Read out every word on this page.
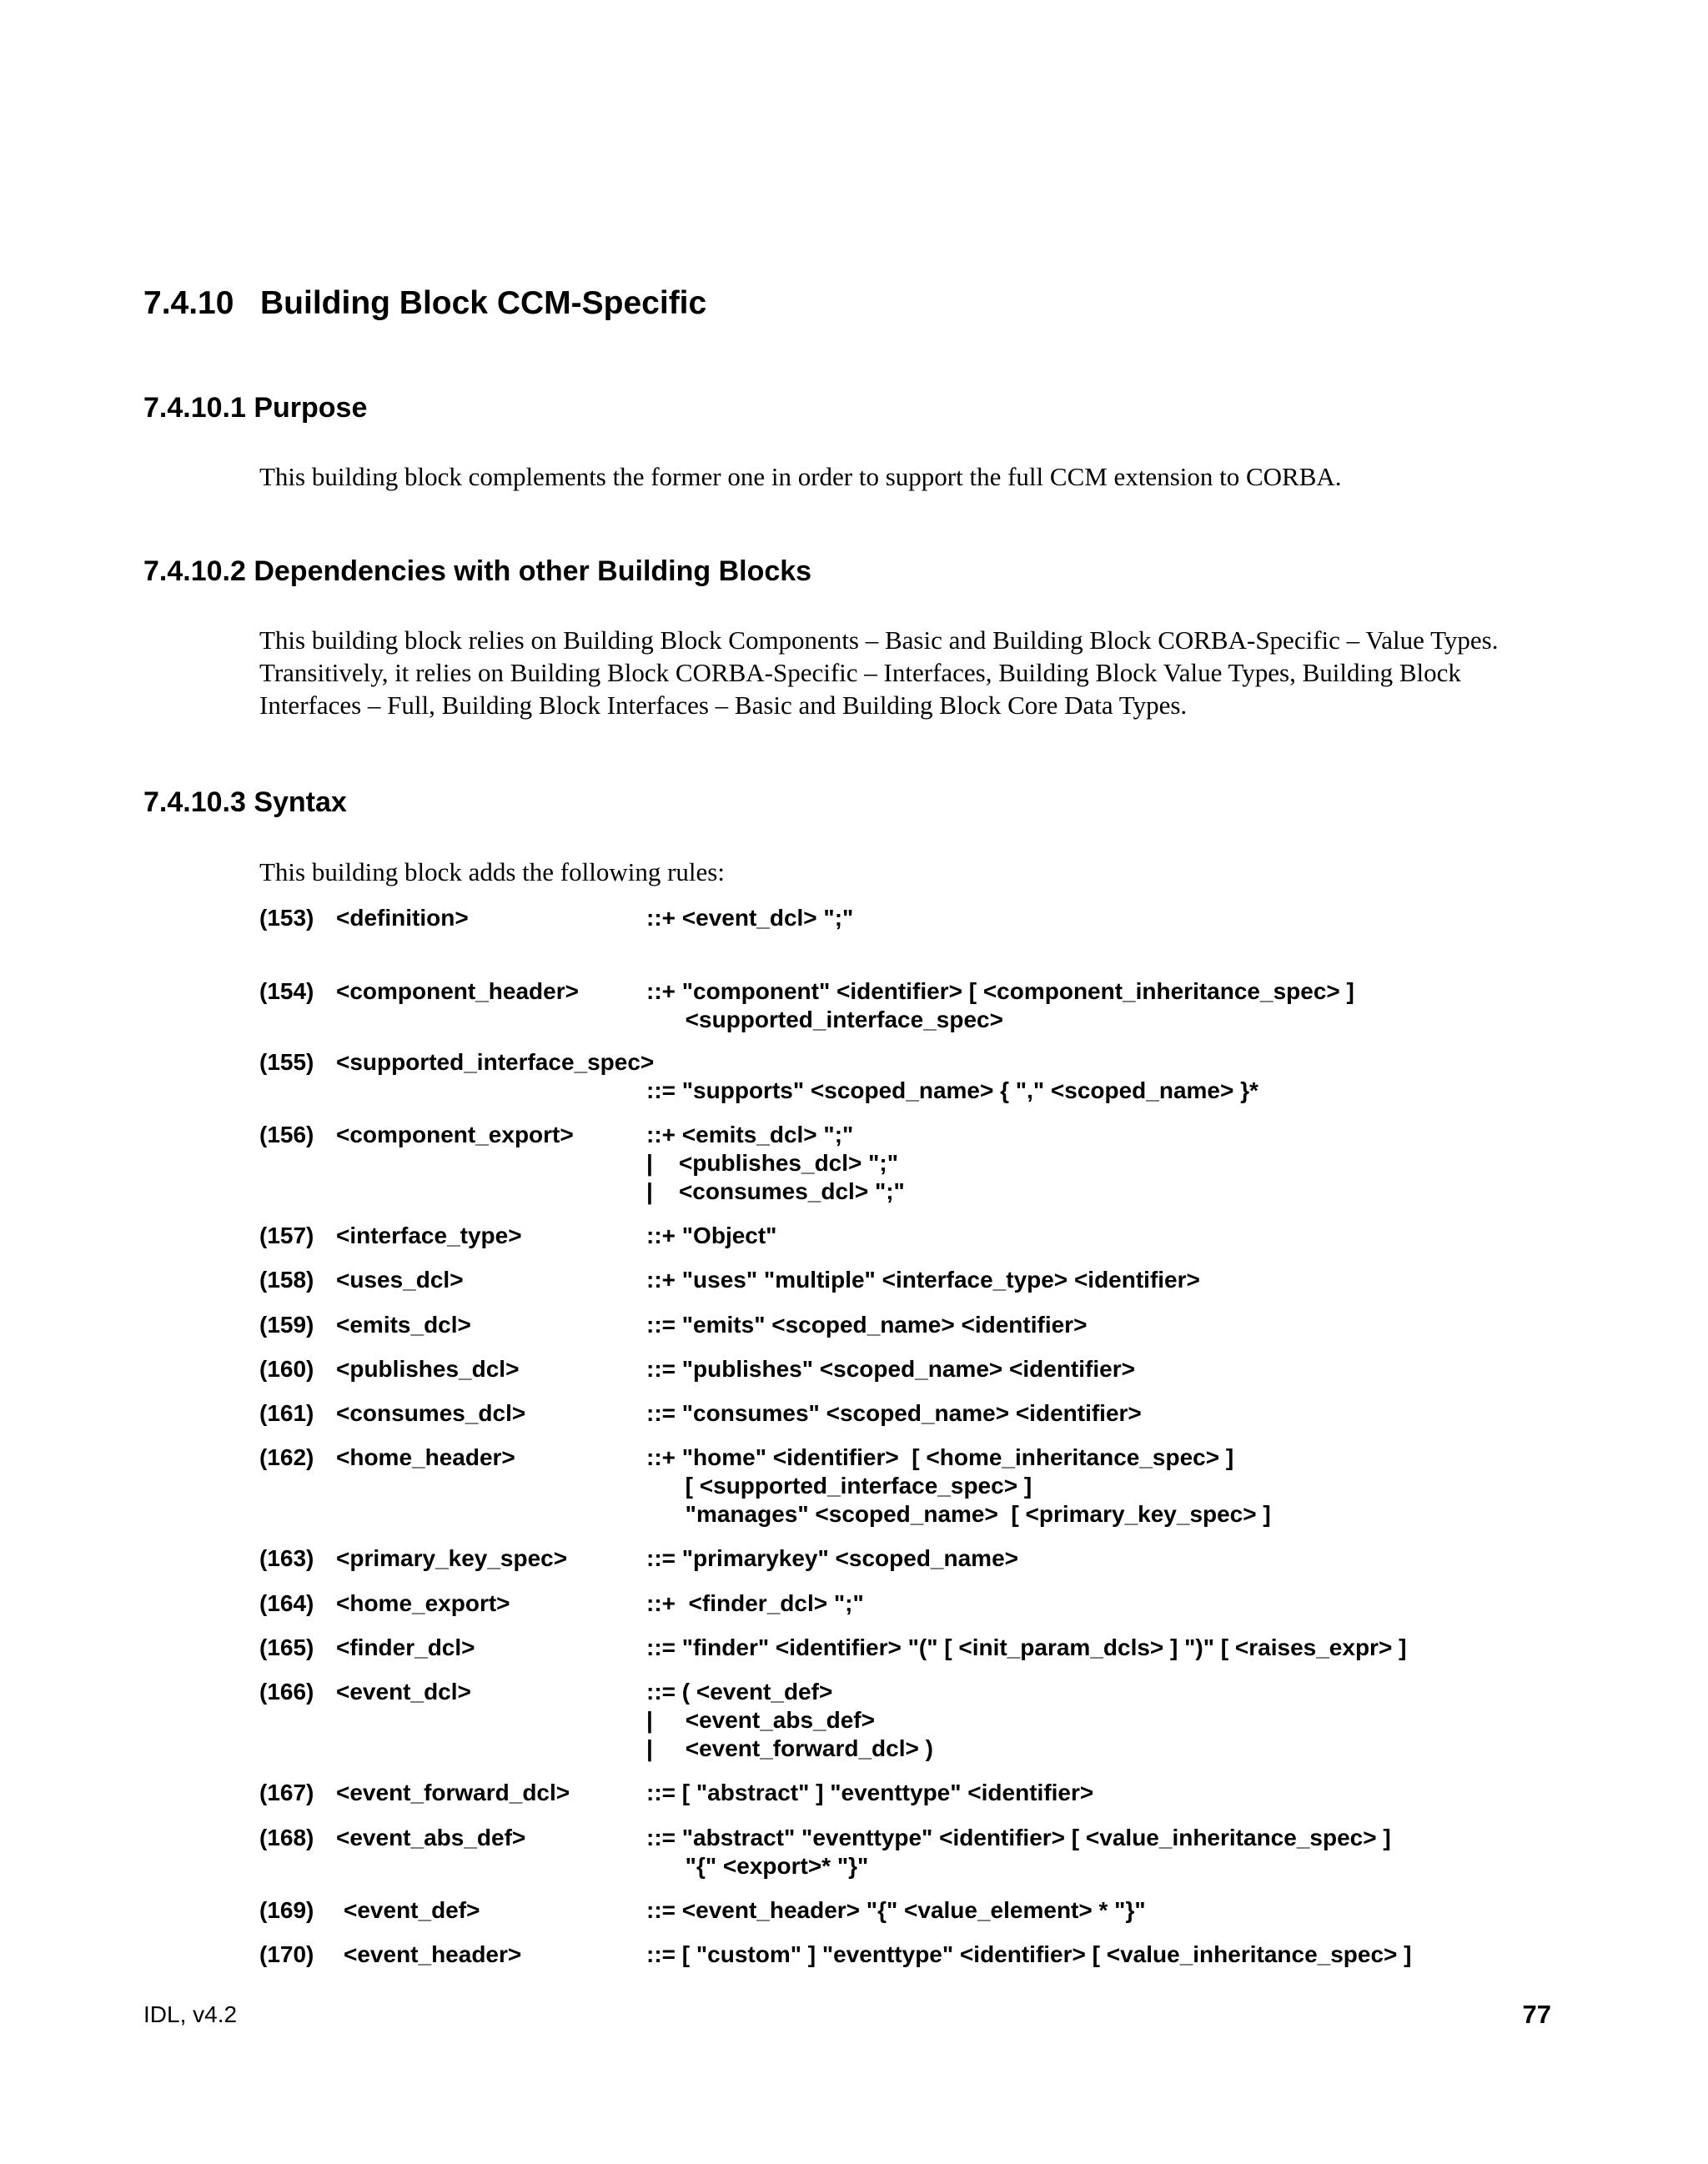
7.4.10 Building Block CCM-Specific
7.4.10.1 Purpose

This building block complements the former one in order to support the full CCM extension to CORBA.

7.4.10.2 Dependencies with other Building Blocks

This building block relies on Building Block Components – Basic and Building Block CORBA-Specific – Value Types. Transitively, it relies on Building Block CORBA-Specific – Interfaces, Building Block Value Types, Building Block Interfaces – Full, Building Block Interfaces – Basic and Building Block Core Data Types.

7.4.10.3 Syntax

This building block adds the following rules:

(153) <definition>	::+ <event_dcl> ";"
(154) <component_header>	::+ "component" <identifier> [ <component_inheritance_spec> ]
<supported_interface_spec>
(155) <supported_interface_spec>
::= "supports" <scoped_name> { "," <scoped_name> }*
(156) <component_export>	::+ <emits_dcl> ";"
|    <publishes_dcl> ";"
|    <consumes_dcl> ";"
(157) <interface_type>	::+ "Object"
(158) <uses_dcl>	::+ "uses" "multiple" <interface_type> <identifier>
(159) <emits_dcl>	::= "emits" <scoped_name> <identifier>
(160) <publishes_dcl>	::= "publishes" <scoped_name> <identifier>
(161) <consumes_dcl>	::= "consumes" <scoped_name> <identifier>
(162) <home_header>	::+ "home" <identifier>  [ <home_inheritance_spec> ]
[ <supported_interface_spec> ]
"manages" <scoped_name>  [ <primary_key_spec> ]
(163) <primary_key_spec>	::= "primarykey" <scoped_name>
(164) <home_export>	::+  <finder_dcl> ";"
(165) <finder_dcl>	::= "finder" <identifier> "(" [ <init_param_dcls> ] ")" [ <raises_expr> ]
(166) <event_dcl>	::= ( <event_def>
|     <event_abs_def>
|     <event_forward_dcl> )
(167) <event_forward_dcl>	::= [ "abstract" ] "eventtype" <identifier>
(168) <event_abs_def>	::= "abstract" "eventtype" <identifier> [ <value_inheritance_spec> ]
"{" <export>* "}"
(169) <event_def>	::= <event_header> "{" <value_element> * "}"
(170) <event_header>	::= [ "custom" ] "eventtype" <identifier> [ <value_inheritance_spec> ]
IDL, v4.2	77
